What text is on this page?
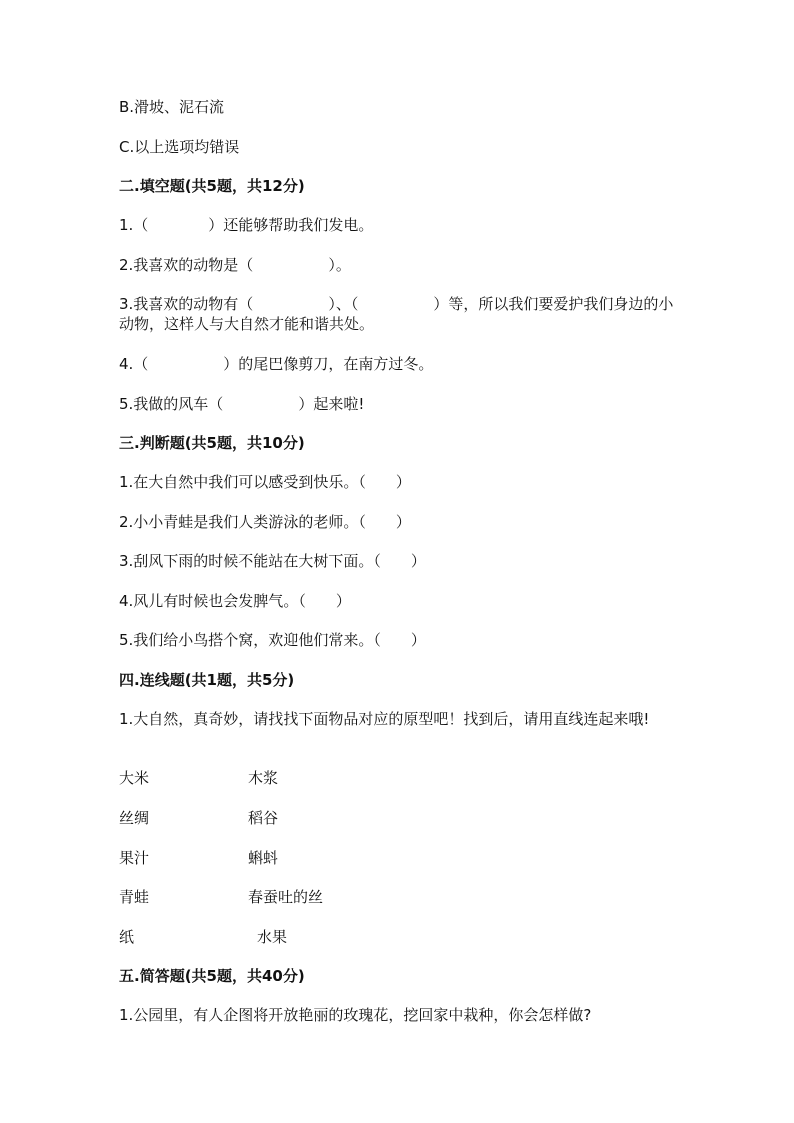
B.滑坡、泥石流

C.以上选项均错误

二.填空题(共5题，共12分)

1.（　　　　）还能够帮助我们发电。

2.我喜欢的动物是（　　　　　）。

3.我喜欢的动物有（　　　　　）、（　　　　　）等，所以我们要爱护我们身边的小动物，这样人与大自然才能和谐共处。

4.（　　　　　）的尾巴像剪刀，在南方过冬。

5.我做的风车（　　　　　）起来啦!

三.判断题(共5题，共10分)

1.在大自然中我们可以感受到快乐。（　　）

2.小小青蛙是我们人类游泳的老师。（　　）

3.刮风下雨的时候不能站在大树下面。（　　）

4.风儿有时候也会发脾气。（　　）

5.我们给小鸟搭个窝，欢迎他们常来。（　　）

四.连线题(共1题，共5分)

1.大自然，真奇妙，请找找下面物品对应的原型吧！找到后，请用直线连起来哦!

大米	木浆
丝绸	稻谷
果汁	蝌蚪
青蛙	春蚕吐的丝
纸	水果

五.简答题(共5题，共40分)

1.公园里，有人企图将开放艳丽的玫瑰花，挖回家中栽种，你会怎样做?
